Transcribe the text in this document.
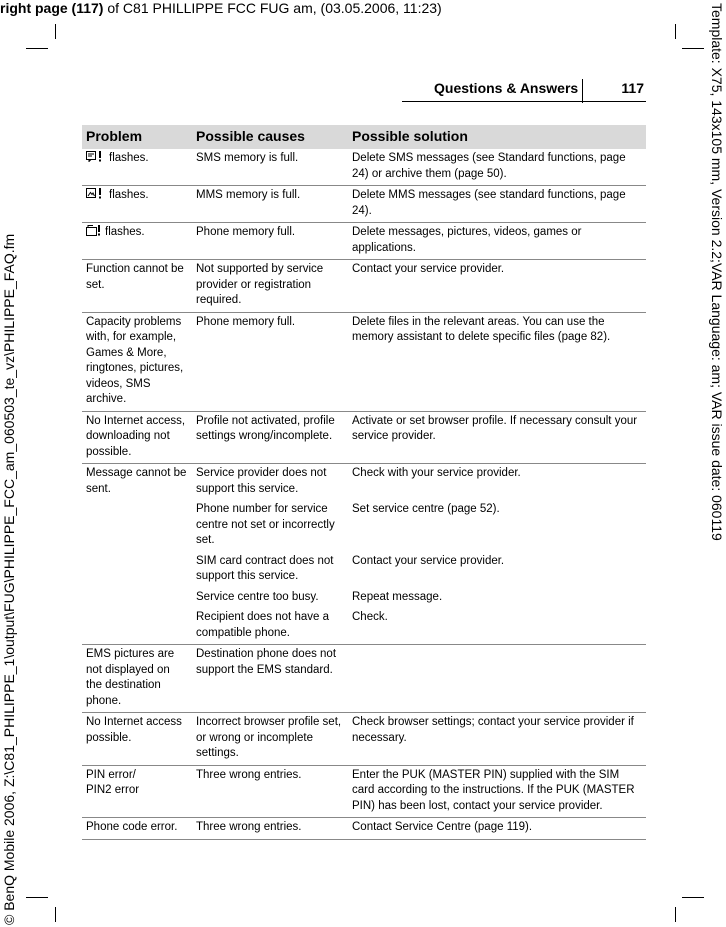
right page (117) of C81 PHILLIPPE FCC FUG am, (03.05.2006, 11:23)
© BenQ Mobile 2006, Z:\C81_PHILIPPE_1\output\FUG\PHILIPPE_FCC_am_060503_te_vz\PHILIPPE_FAQ.fm	Template: X75, 143x105 mm, Version 2.2;VAR Language: am; VAR issue date: 060119
Questions & Answers	117
Problem	Possible causes	Possible solution
flashes.	SMS memory is full.	Delete SMS messages (see Standard functions, page 24) or archive them (page 50).
flashes.	MMS memory is full.	Delete MMS messages (see standard functions, page 24).
flashes.	Phone memory full.	Delete messages, pictures, videos, games or applications.
Function cannot be set.	Not supported by service provider or registration required.	Contact your service provider.
Capacity problems with, for example, Games & More, ringtones, pictures, videos, SMS archive.	Phone memory full.	Delete files in the relevant areas. You can use the memory assistant to delete specific files (page 82).
No Internet access, downloading not possible.	Profile not activated, profile settings wrong/incomplete.	Activate or set browser profile. If necessary consult your service provider.
Message cannot be sent.	Service provider does not support this service.	Check with your service provider.
	Phone number for service centre not set or incorrectly set.	Set service centre (page 52).
	SIM card contract does not support this service.	Contact your service provider.
	Service centre too busy.	Repeat message.
	Recipient does not have a compatible phone.	Check.
EMS pictures are not displayed on the destination phone.	Destination phone does not support the EMS standard.	
No Internet access possible.	Incorrect browser profile set, or wrong or incomplete settings.	Check browser settings; contact your service provider if necessary.
PIN error/
PIN2 error	Three wrong entries.	Enter the PUK (MASTER PIN) supplied with the SIM card according to the instructions. If the PUK (MASTER PIN) has been lost, contact your service provider.
Phone code error.	Three wrong entries.	Contact Service Centre (page 119).
